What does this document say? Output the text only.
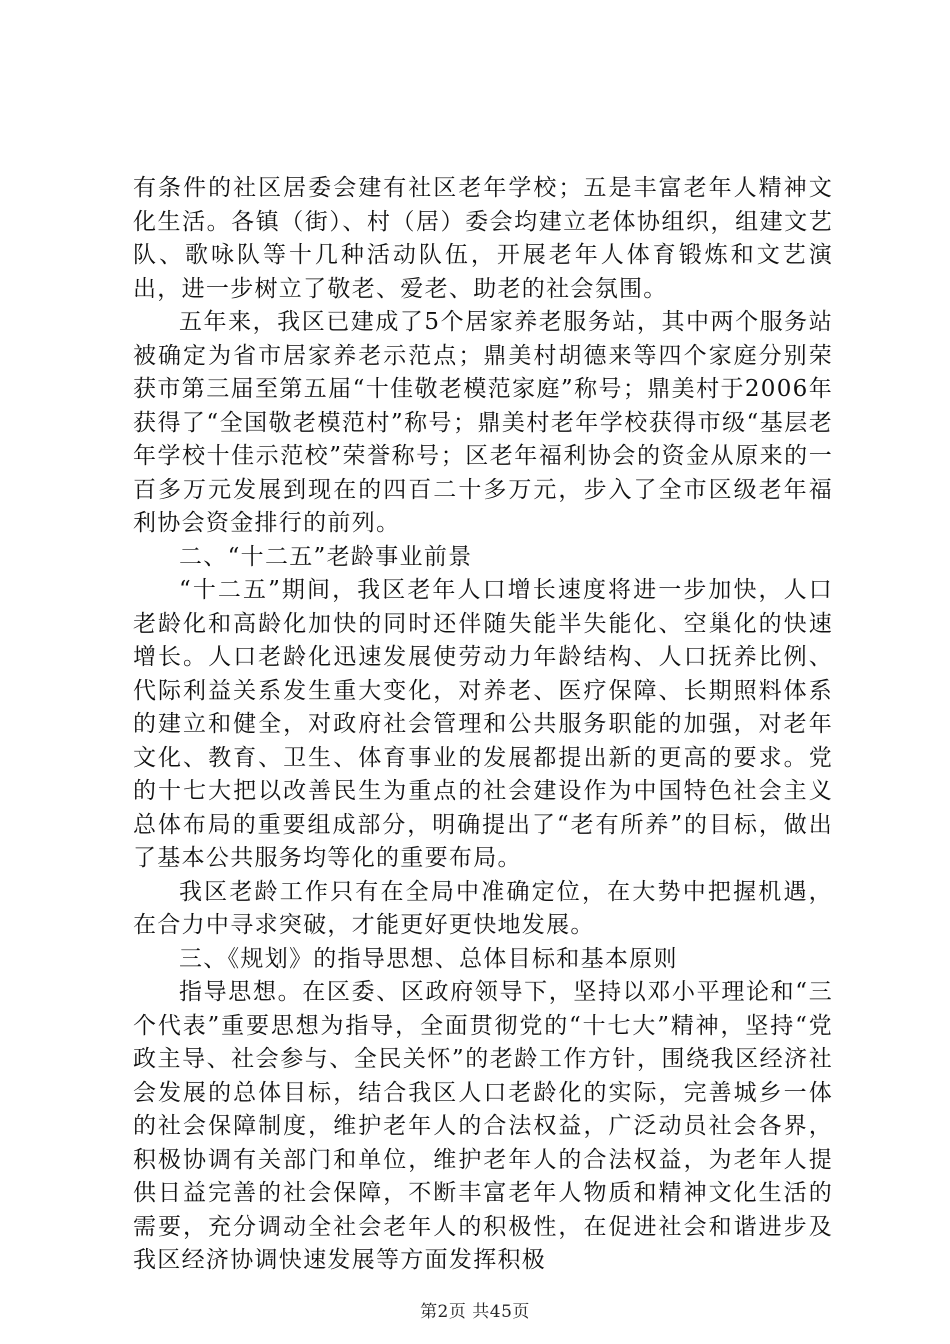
有条件的社区居委会建有社区老年学校；五是丰富老年人精神文化生活。各镇（街）、村（居）委会均建立老体协组织，组建文艺队、歌咏队等十几种活动队伍，开展老年人体育锻炼和文艺演出，进一步树立了敬老、爱老、助老的社会氛围。

五年来，我区已建成了5个居家养老服务站，其中两个服务站被确定为省市居家养老示范点；鼎美村胡德来等四个家庭分别荣获市第三届至第五届“十佳敬老模范家庭”称号；鼎美村于2006年获得了“全国敬老模范村”称号；鼎美村老年学校获得市级“基层老年学校十佳示范校”荣誉称号；区老年福利协会的资金从原来的一百多万元发展到现在的四百二十多万元，步入了全市区级老年福利协会资金排行的前列。

二、“十二五”老龄事业前景

“十二五”期间，我区老年人口增长速度将进一步加快，人口老龄化和高龄化加快的同时还伴随失能半失能化、空巢化的快速增长。人口老龄化迅速发展使劳动力年龄结构、人口抚养比例、代际利益关系发生重大变化，对养老、医疗保障、长期照料体系的建立和健全，对政府社会管理和公共服务职能的加强，对老年文化、教育、卫生、体育事业的发展都提出新的更高的要求。党的十七大把以改善民生为重点的社会建设作为中国特色社会主义总体布局的重要组成部分，明确提出了“老有所养”的目标，做出了基本公共服务均等化的重要布局。

我区老龄工作只有在全局中准确定位，在大势中把握机遇，在合力中寻求突破，才能更好更快地发展。

三、《规划》的指导思想、总体目标和基本原则

指导思想。在区委、区政府领导下，坚持以邓小平理论和“三个代表”重要思想为指导，全面贯彻党的“十七大”精神，坚持“党政主导、社会参与、全民关怀”的老龄工作方针，围绕我区经济社会发展的总体目标，结合我区人口老龄化的实际，完善城乡一体的社会保障制度，维护老年人的合法权益，广泛动员社会各界，积极协调有关部门和单位，维护老年人的合法权益，为老年人提供日益完善的社会保障，不断丰富老年人物质和精神文化生活的需要，充分调动全社会老年人的积极性，在促进社会和谐进步及我区经济协调快速发展等方面发挥积极

第2页 共45页
